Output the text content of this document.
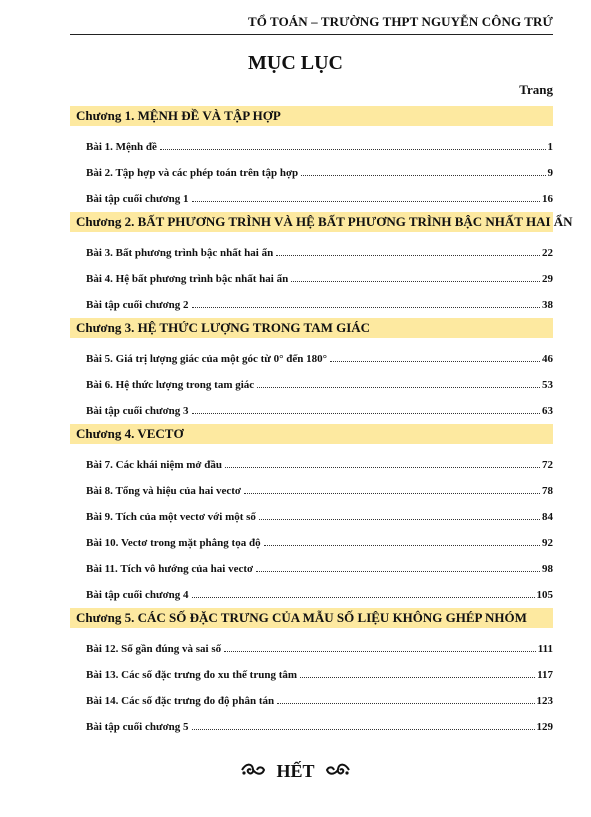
TỔ TOÁN – TRƯỜNG THPT NGUYỄN CÔNG TRỨ
MỤC LỤC
Trang
Chương 1. MỆNH ĐỀ VÀ TẬP HỢP
Bài 1. Mệnh đề	1
Bài 2. Tập hợp và các phép toán trên tập hợp	9
Bài tập cuối chương 1	16
Chương 2. BẤT PHƯƠNG TRÌNH VÀ HỆ BẤT PHƯƠNG TRÌNH BẬC NHẤT HAI ẨN
Bài 3. Bất phương trình bậc nhất hai ẩn	22
Bài 4. Hệ bất phương trình bậc nhất hai ẩn	29
Bài tập cuối chương 2	38
Chương 3. HỆ THỨC LƯỢNG TRONG TAM GIÁC
Bài 5. Giá trị lượng giác của một góc từ 0° đến 180°	46
Bài 6. Hệ thức lượng trong tam giác	53
Bài tập cuối chương 3	63
Chương 4. VECTƠ
Bài 7. Các khái niệm mở đầu	72
Bài 8. Tổng và hiệu của hai vectơ	78
Bài 9. Tích của một vectơ với một số	84
Bài 10. Vectơ trong mặt phẳng tọa độ	92
Bài 11. Tích vô hướng của hai vectơ	98
Bài tập cuối chương 4	105
Chương 5. CÁC SỐ ĐẶC TRƯNG CỦA MẪU SỐ LIỆU KHÔNG GHÉP NHÓM
Bài 12. Số gần đúng và sai số	111
Bài 13. Các số đặc trưng đo xu thế trung tâm	117
Bài 14. Các số đặc trưng đo độ phân tán	123
Bài tập cuối chương 5	129
HẾT
